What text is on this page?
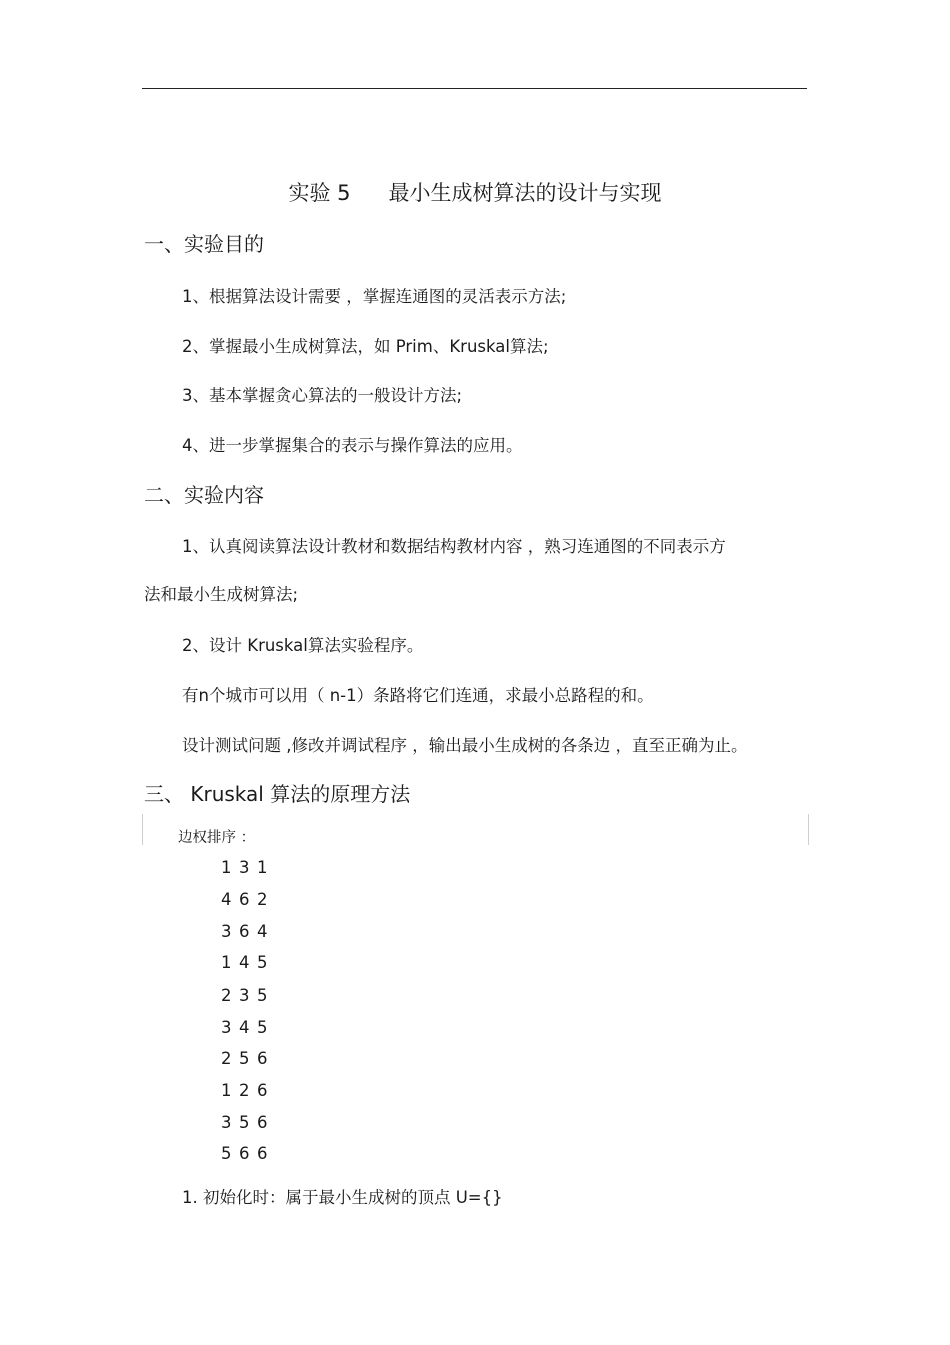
实验 5 最小生成树算法的设计与实现
一、实验目的
1、根据算法设计需要 ，掌握连通图的灵活表示方法;
2、掌握最小生成树算法，如 Prim、Kruskal算法;
3、基本掌握贪心算法的一般设计方法;
4、进一步掌握集合的表示与操作算法的应用。
二、实验内容
1、认真阅读算法设计教材和数据结构教材内容 ，熟习连通图的不同表示方
法和最小生成树算法;
2、设计 Kruskal算法实验程序。
有n个城市可以用（ n-1）条路将它们连通，求最小总路程的和。
设计测试问题 ,修改并调试程序 ，输出最小生成树的各条边 ，直至正确为止。
三、 Kruskal 算法的原理方法
边权排序 ：
1 3 1
4 6 2
3 6 4
1 4 5
2 3 5
3 4 5
2 5 6
1 2 6
3 5 6
5 6 6
1. 初始化时：属于最小生成树的顶点 U={}
